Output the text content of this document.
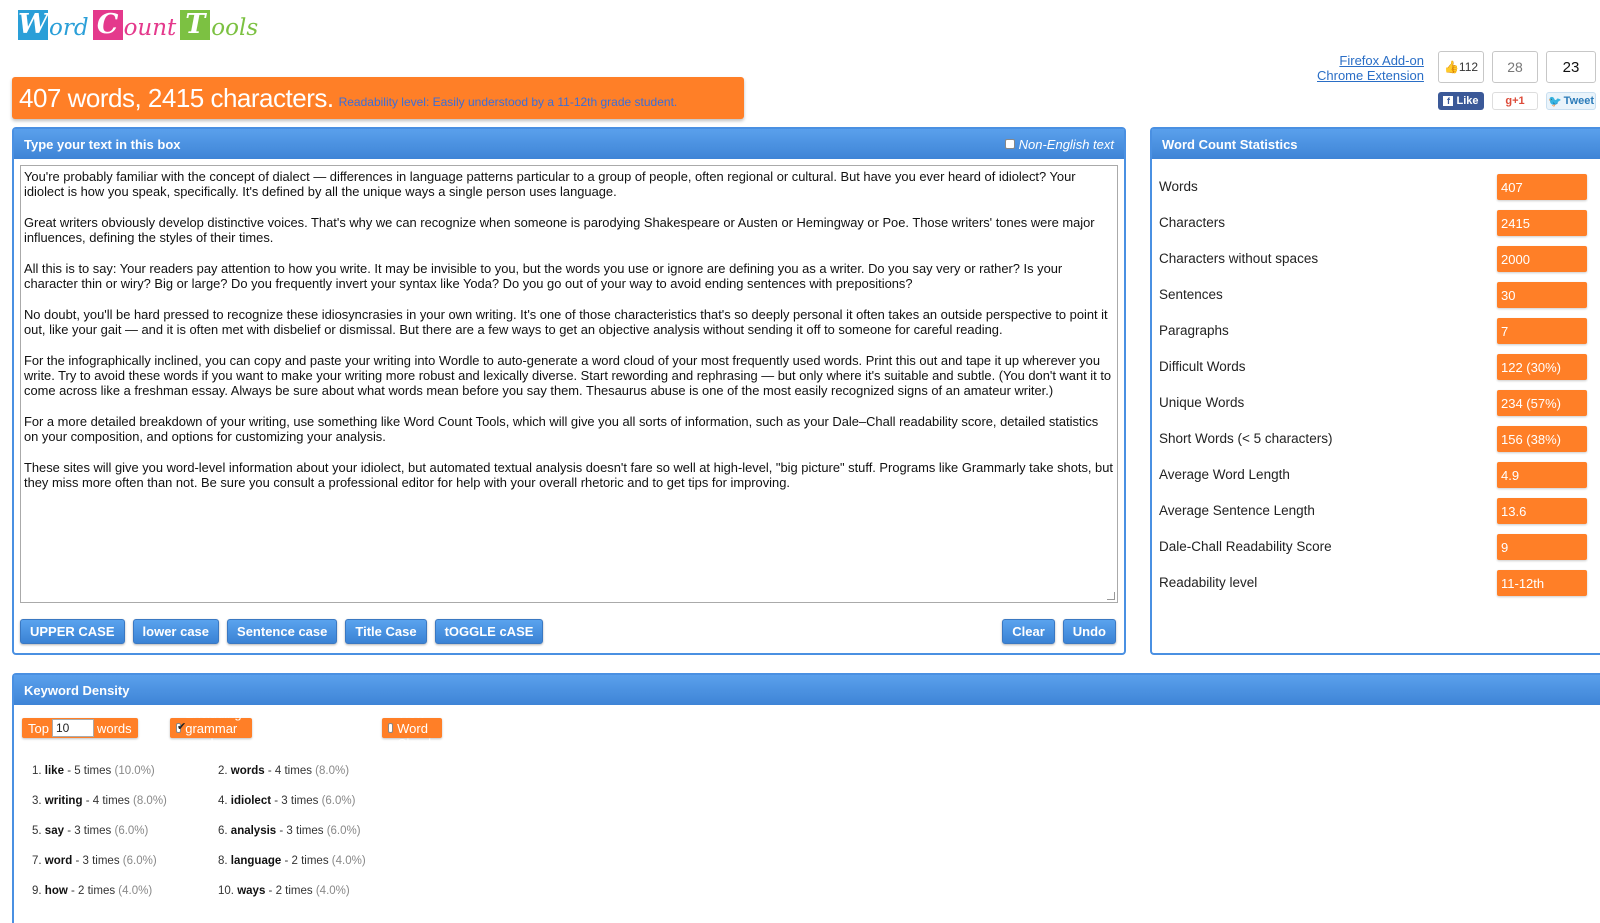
W ord C ount T ools
Firefox Add-on
Chrome Extension
👍 112
f Like
28
g +1
23
🐦 Tweet
407 words, 2415 characters. Readability level: Easily understood by a 11-12th grade student.
Type your text in this box	Non-English text

You're probably familiar with the concept of dialect — differences in language patterns particular to a group of people, often regional or cultural. But have you ever heard of idiolect? Your idiolect is how you speak, specifically. It's defined by all the unique ways a single person uses language.

Great writers obviously develop distinctive voices. That's why we can recognize when someone is parodying Shakespeare or Austen or Hemingway or Poe. Those writers' tones were major influences, defining the styles of their times.

All this is to say: Your readers pay attention to how you write. It may be invisible to you, but the words you use or ignore are defining you as a writer. Do you say very or rather? Is your character thin or wiry? Big or large? Do you frequently invert your syntax like Yoda? Do you go out of your way to avoid ending sentences with prepositions?

No doubt, you'll be hard pressed to recognize these idiosyncrasies in your own writing. It's one of those characteristics that's so deeply personal it often takes an outside perspective to point it out, like your gait — and it is often met with disbelief or dismissal. But there are a few ways to get an objective analysis without sending it off to someone for careful reading.

For the infographically inclined, you can copy and paste your writing into Wordle to auto-generate a word cloud of your most frequently used words. Print this out and tape it up wherever you write. Try to avoid these words if you want to make your writing more robust and lexically diverse. Start rewording and rephrasing — but only where it's suitable and subtle. (You don't want it to come across like a freshman essay. Always be sure about what words mean before you say them. Thesaurus abuse is one of the most easily recognized signs of an amateur writer.)

For a more detailed breakdown of your writing, use something like Word Count Tools, which will give you all sorts of information, such as your Dale–Chall readability score, detailed statistics on your composition, and options for customizing your analysis.

These sites will give you word-level information about your idiolect, but automated textual analysis doesn't fare so well at high-level, "big picture" stuff. Programs like Grammarly take shots, but they miss more often than not. Be sure you consult a professional editor for help with your overall rhetoric and to get tips for improving.

UPPER CASE	lower case	Sentence case	Title Case	tOGGLE cASE	Clear	Undo
Word Count Statistics
Words	407
Characters	2415
Characters without spaces	2000
Sentences	30
Paragraphs	7
Difficult Words	122 (30%)
Unique Words	234 (57%)
Short Words (< 5 characters)	156 (38%)
Average Word Length	4.9
Average Sentence Length	13.6
Dale-Chall Readability Score	9
Readability level	11-12th
Keyword Density
Top 10	words
✔
Excluding grammar words
View Word Cloud
1. like - 5 times (10.0%)	2. words - 4 times (8.0%)
3. writing - 4 times (8.0%)	4. idiolect - 3 times (6.0%)
5. say - 3 times (6.0%)	6. analysis - 3 times (6.0%)
7. word - 3 times (6.0%)	8. language - 2 times (4.0%)
9. how - 2 times (4.0%)	10. ways - 2 times (4.0%)
